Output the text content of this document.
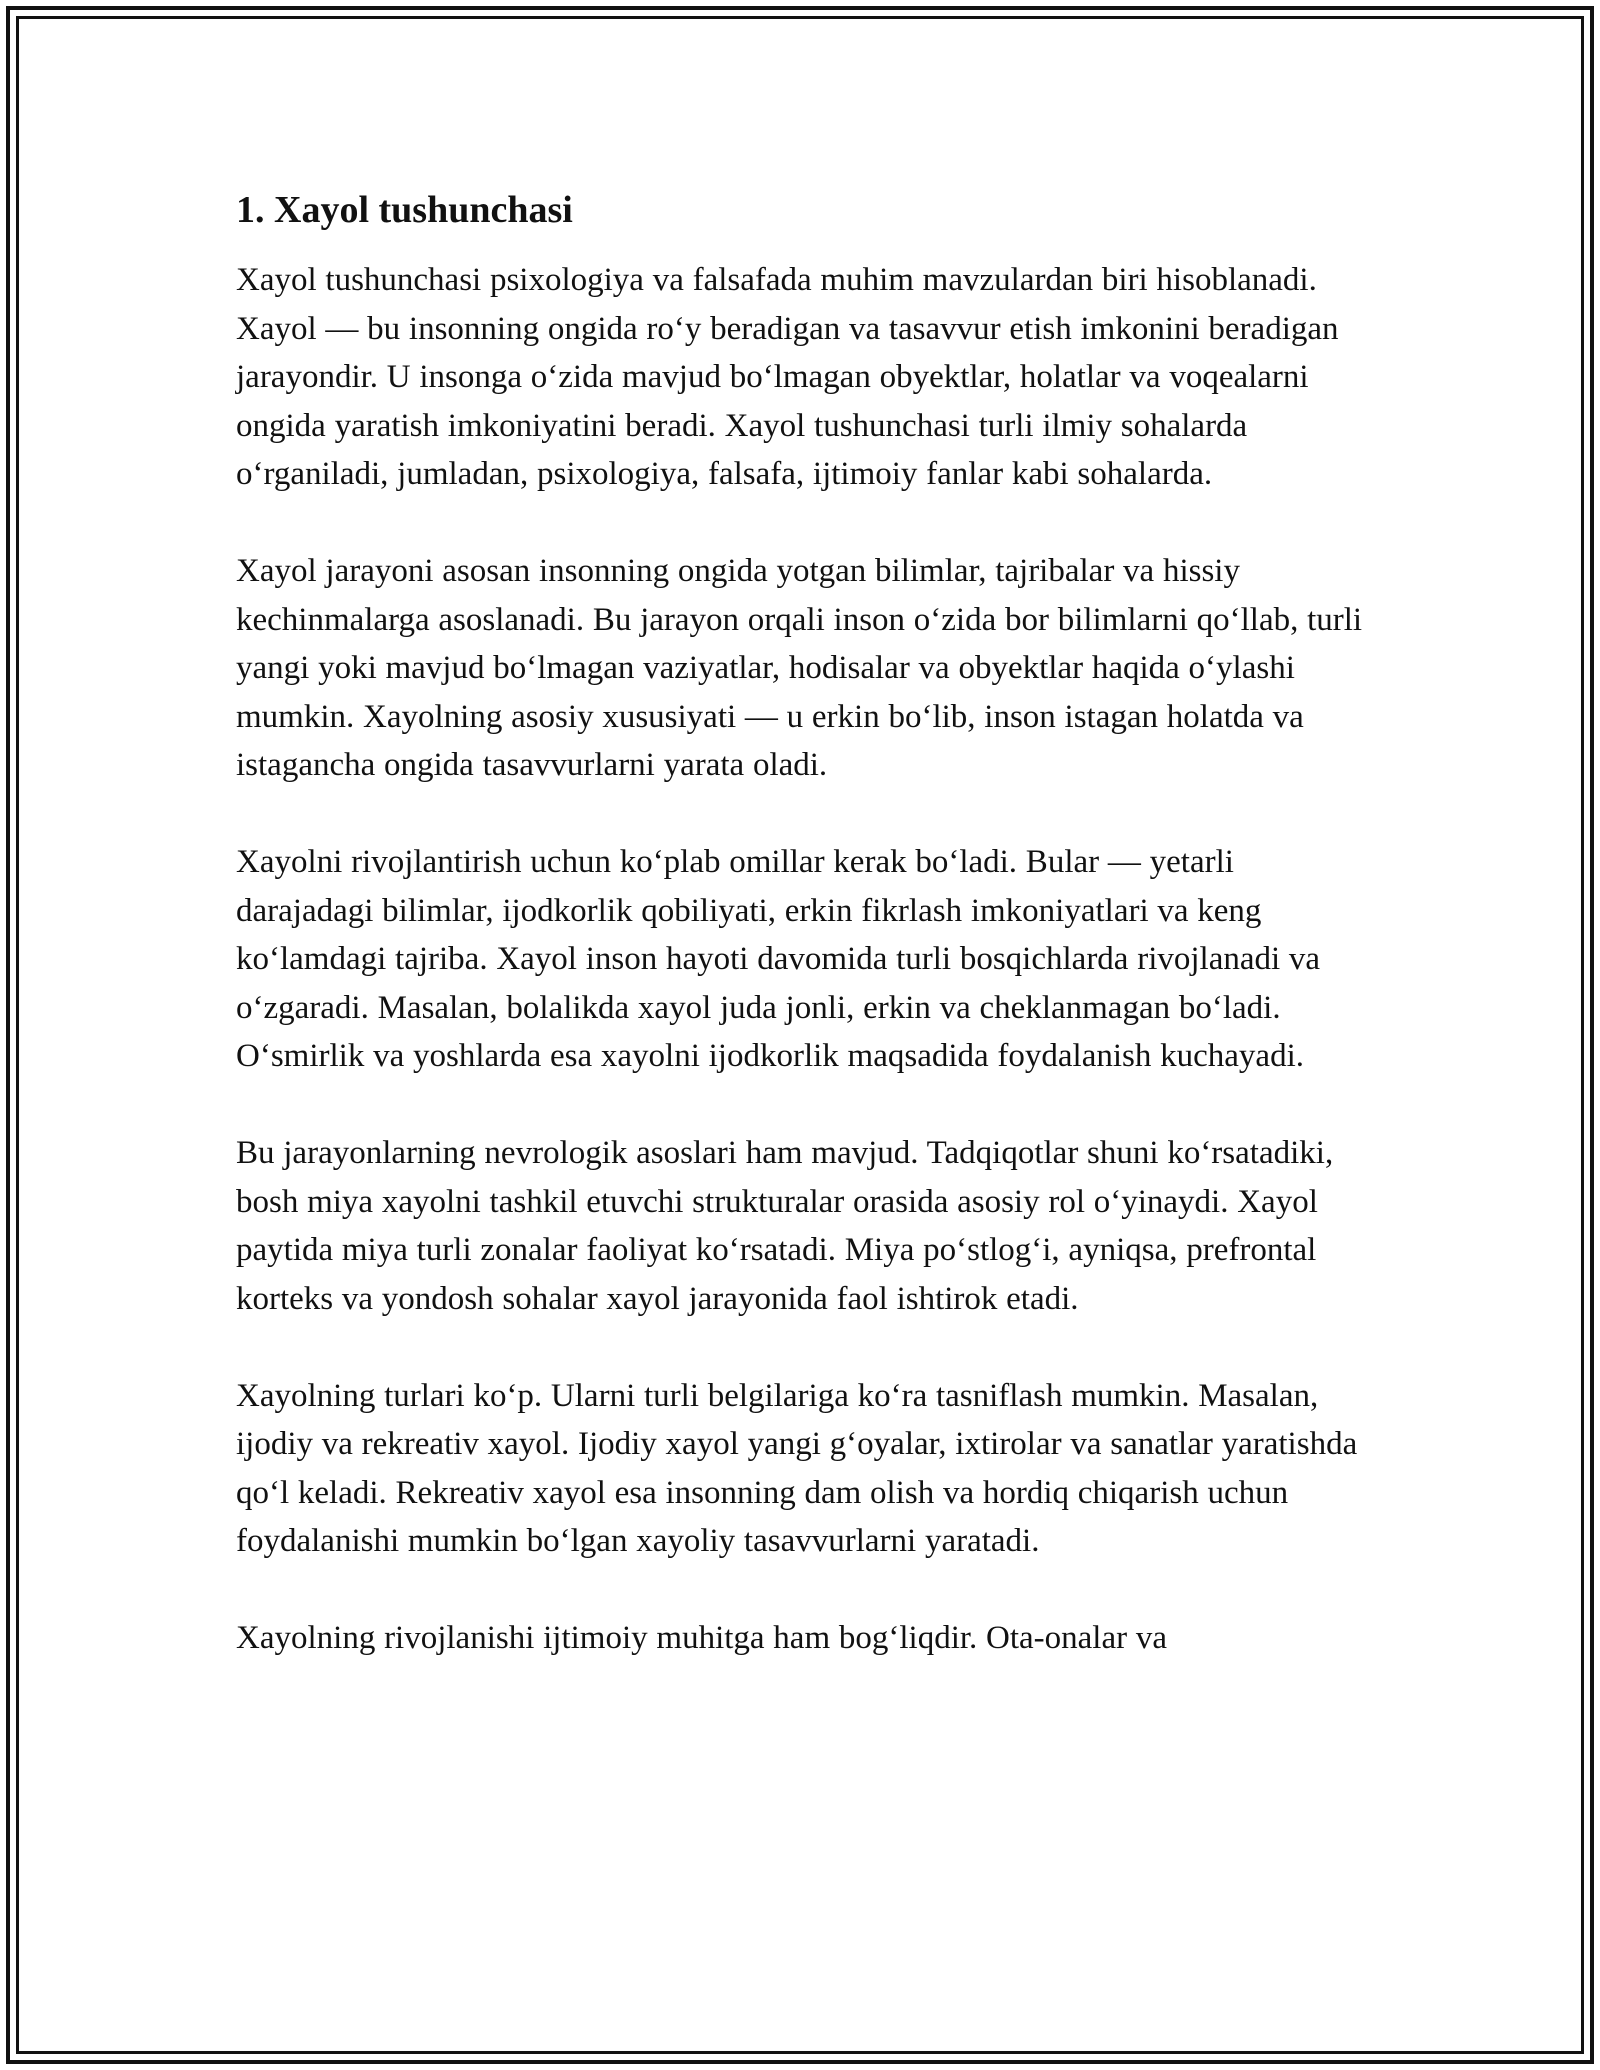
1. Xayol tushunchasi

Xayol tushunchasi psixologiya va falsafada muhim mavzulardan biri hisoblanadi. Xayol — bu insonning ongida ro‘y beradigan va tasavvur etish imkonini beradigan jarayondir. U insonga o‘zida mavjud bo‘lmagan obyektlar, holatlar va voqealarni ongida yaratish imkoniyatini beradi. Xayol tushunchasi turli ilmiy sohalarda o‘rganiladi, jumladan, psixologiya, falsafa, ijtimoiy fanlar kabi sohalarda.

Xayol jarayoni asosan insonning ongida yotgan bilimlar, tajribalar va hissiy kechinmalarga asoslanadi. Bu jarayon orqali inson o‘zida bor bilimlarni qo‘llab, turli yangi yoki mavjud bo‘lmagan vaziyatlar, hodisalar va obyektlar haqida o‘ylashi mumkin. Xayolning asosiy xususiyati — u erkin bo‘lib, inson istagan holatda va istagancha ongida tasavvurlarni yarata oladi.

Xayolni rivojlantirish uchun ko‘plab omillar kerak bo‘ladi. Bular — yetarli darajadagi bilimlar, ijodkorlik qobiliyati, erkin fikrlash imkoniyatlari va keng ko‘lamdagi tajriba. Xayol inson hayoti davomida turli bosqichlarda rivojlanadi va o‘zgaradi. Masalan, bolalikda xayol juda jonli, erkin va cheklanmagan bo‘ladi. O‘smirlik va yoshlarda esa xayolni ijodkorlik maqsadida foydalanish kuchayadi.

Bu jarayonlarning nevrologik asoslari ham mavjud. Tadqiqotlar shuni ko‘rsatadiki, bosh miya xayolni tashkil etuvchi strukturalar orasida asosiy rol o‘yinaydi. Xayol paytida miya turli zonalar faoliyat ko‘rsatadi. Miya po‘stlog‘i, ayniqsa, prefrontal korteks va yondosh sohalar xayol jarayonida faol ishtirok etadi.

Xayolning turlari ko‘p. Ularni turli belgilariga ko‘ra tasniflash mumkin. Masalan, ijodiy va rekreativ xayol. Ijodiy xayol yangi g‘oyalar, ixtirolar va sanatlar yaratishda qo‘l keladi. Rekreativ xayol esa insonning dam olish va hordiq chiqarish uchun foydalanishi mumkin bo‘lgan xayoliy tasavvurlarni yaratadi.

Xayolning rivojlanishi ijtimoiy muhitga ham bog‘liqdir. Ota-onalar va
